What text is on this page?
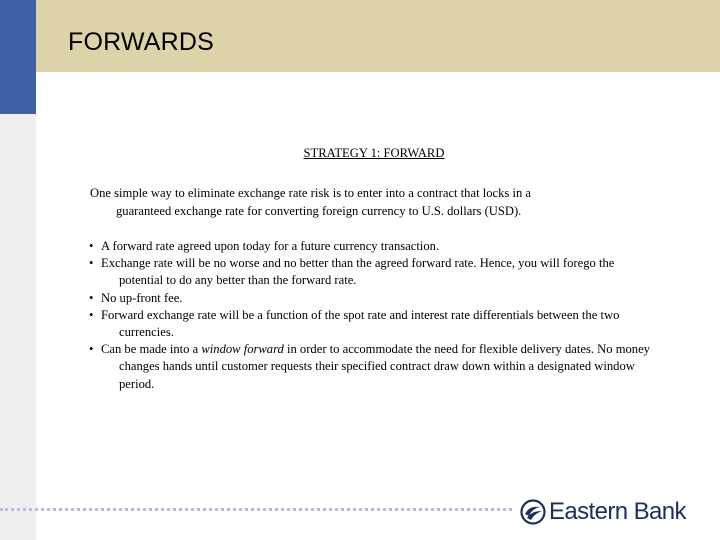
FORWARDS

STRATEGY 1: FORWARD

One simple way to eliminate exchange rate risk is to enter into a contract that locks in a
guaranteed exchange rate for converting foreign currency to U.S. dollars (USD).

• A forward rate agreed upon today for a future currency transaction.
• Exchange rate will be no worse and no better than the agreed forward rate. Hence, you will forego the potential to do any better than the forward rate.
• No up-front fee.
• Forward exchange rate will be a function of the spot rate and interest rate differentials between the two currencies.
• Can be made into a window forward in order to accommodate the need for flexible delivery dates. No money changes hands until customer requests their specified contract draw down within a designated window period.
Eastern Bank
